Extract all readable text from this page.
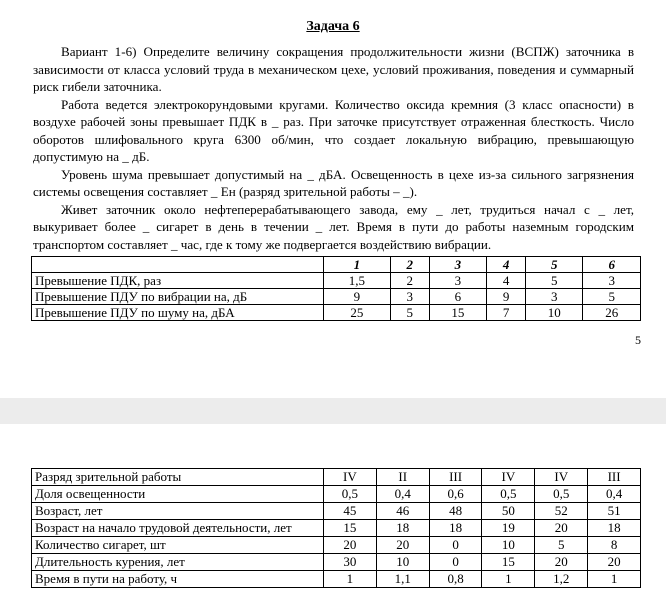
Задача 6

Вариант 1-6) Определите величину сокращения продолжительности жизни (ВСПЖ) заточника в зависимости от класса условий труда в механическом цехе, условий проживания, поведения и суммарный риск гибели заточника.

Работа ведется электрокорундовыми кругами. Количество оксида кремния (3 класс опасности) в воздухе рабочей зоны превышает ПДК в _ раз. При заточке присутствует отраженная блесткость. Число оборотов шлифовального круга 6300 об/мин, что создает локальную вибрацию, превышающую допустимую на _ дБ.

Уровень шума превышает допустимый на _ дБА. Освещенность в цехе из-за сильного загрязнения системы освещения составляет _ Ен (разряд зрительной работы – _).

Живет заточник около нефтеперерабатывающего завода, ему _ лет, трудиться начал с _ лет, выкуривает более _ сигарет в день в течении _ лет. Время в пути до работы наземным городским транспортом составляет _ час, где к тому же подвергается воздействию вибрации.

	1	2	3	4	5	6
Превышение ПДК, раз	1,5	2	3	4	5	3
Превышение ПДУ по вибрации на, дБ	9	3	6	9	3	5
Превышение ПДУ по шуму на, дБА	25	5	15	7	10	26
5
Разряд зрительной работы	IV	II	III	IV	IV	III
Доля освещенности	0,5	0,4	0,6	0,5	0,5	0,4
Возраст, лет	45	46	48	50	52	51
Возраст на начало трудовой деятельности, лет	15	18	18	19	20	18
Количество сигарет, шт	20	20	0	10	5	8
Длительность курения, лет	30	10	0	15	20	20
Время в пути на работу, ч	1	1,1	0,8	1	1,2	1
